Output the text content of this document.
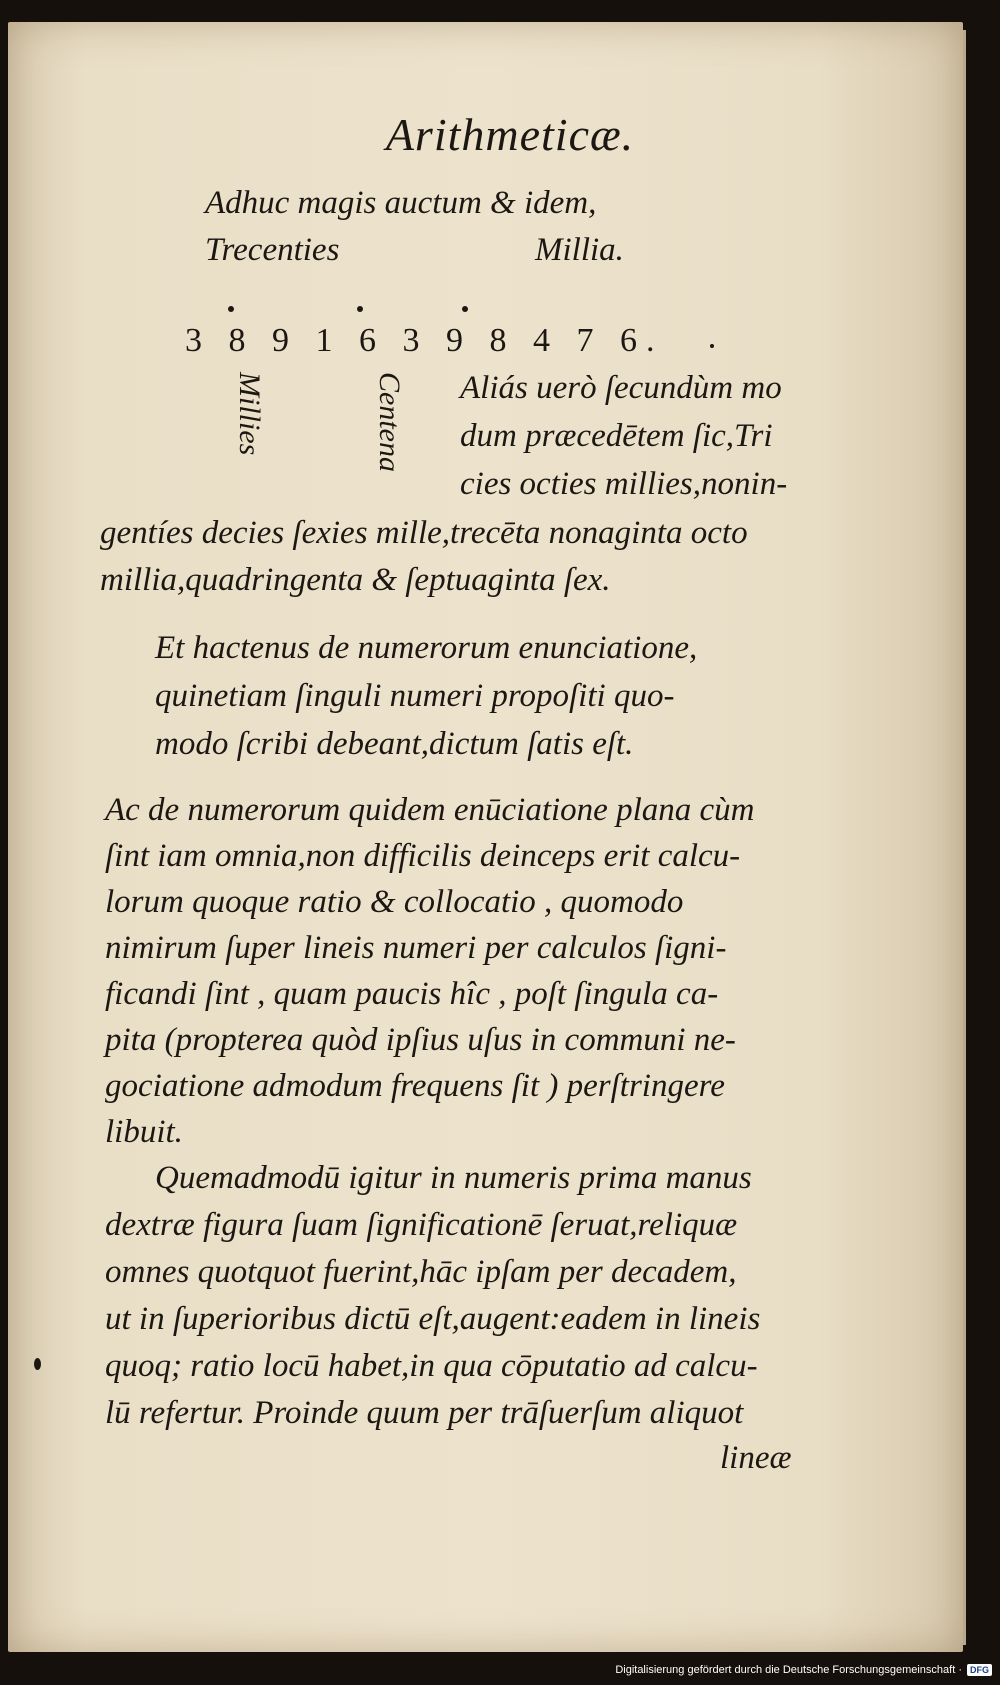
Arithmeticæ.
Adhuc magis auctum & idem,
Trecenties	Millia.
3 8 9 1 6 3 9 8 4 7 6.
Millies	Centena Aliás uerò ſecundùm mo
dum præcedētem ſic,Tri
cies octies millies,nonin-
gentíes decies ſexies mille,trecēta nonaginta octo
millia,quadringenta & ſeptuaginta ſex.
Et hactenus de numerorum enunciatione,
quinetiam ſinguli numeri propoſiti quo-
modo ſcribi debeant,dictum ſatis eſt.
Ac de numerorum quidem enūciatione plana cùm
ſint iam omnia,non difficilis deinceps erit calcu-
lorum quoque ratio & collocatio , quomodo
nimirum ſuper lineis numeri per calculos ſigni-
ficandi ſint , quam paucis hîc , poſt ſingula ca-
pita (propterea quòd ipſius uſus in communi ne-
gociatione admodum frequens ſit ) perſtringere
libuit.
Quemadmodū igitur in numeris prima manus
dextræ figura ſuam ſignificationē ſeruat,reliquæ
omnes quotquot fuerint,hāc ipſam per decadem,
ut in ſuperioribus dictū eſt,augent:eadem in lineis
quoq; ratio locū habet,in qua cōputatio ad calcu-
lū refertur. Proinde quum per trāſuerſum aliquot
lineæ
Digitalisierung gefördert durch die Deutsche Forschungsgemeinschaft · DFG
